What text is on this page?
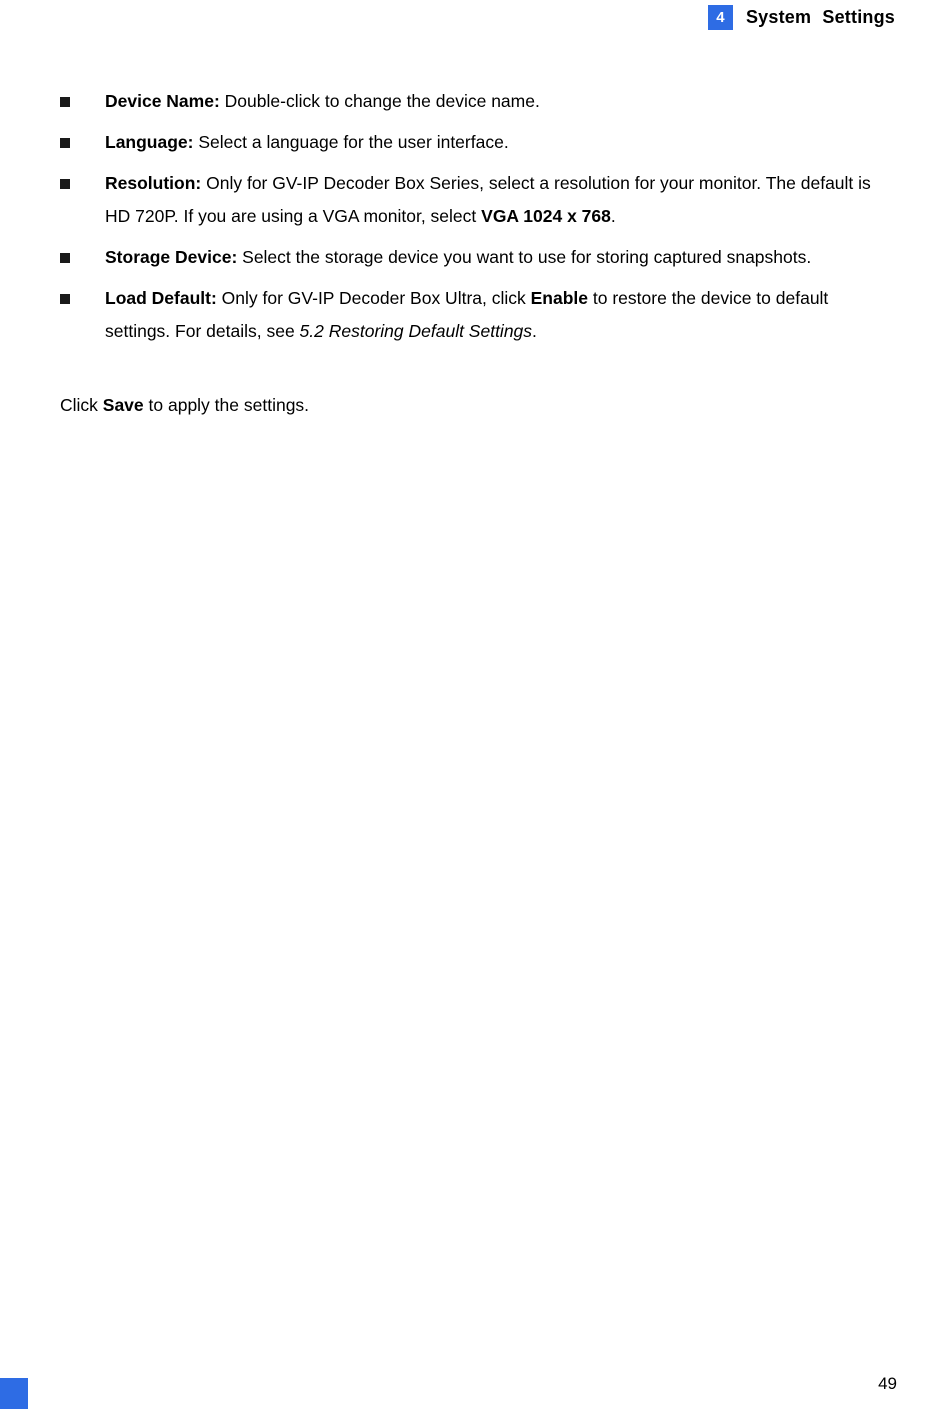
4	System Settings
Device Name: Double-click to change the device name.
Language: Select a language for the user interface.
Resolution: Only for GV-IP Decoder Box Series, select a resolution for your monitor. The default is HD 720P. If you are using a VGA monitor, select VGA 1024 x 768.
Storage Device: Select the storage device you want to use for storing captured snapshots.
Load Default: Only for GV-IP Decoder Box Ultra, click Enable to restore the device to default settings. For details, see 5.2 Restoring Default Settings.

Click Save to apply the settings.

49
